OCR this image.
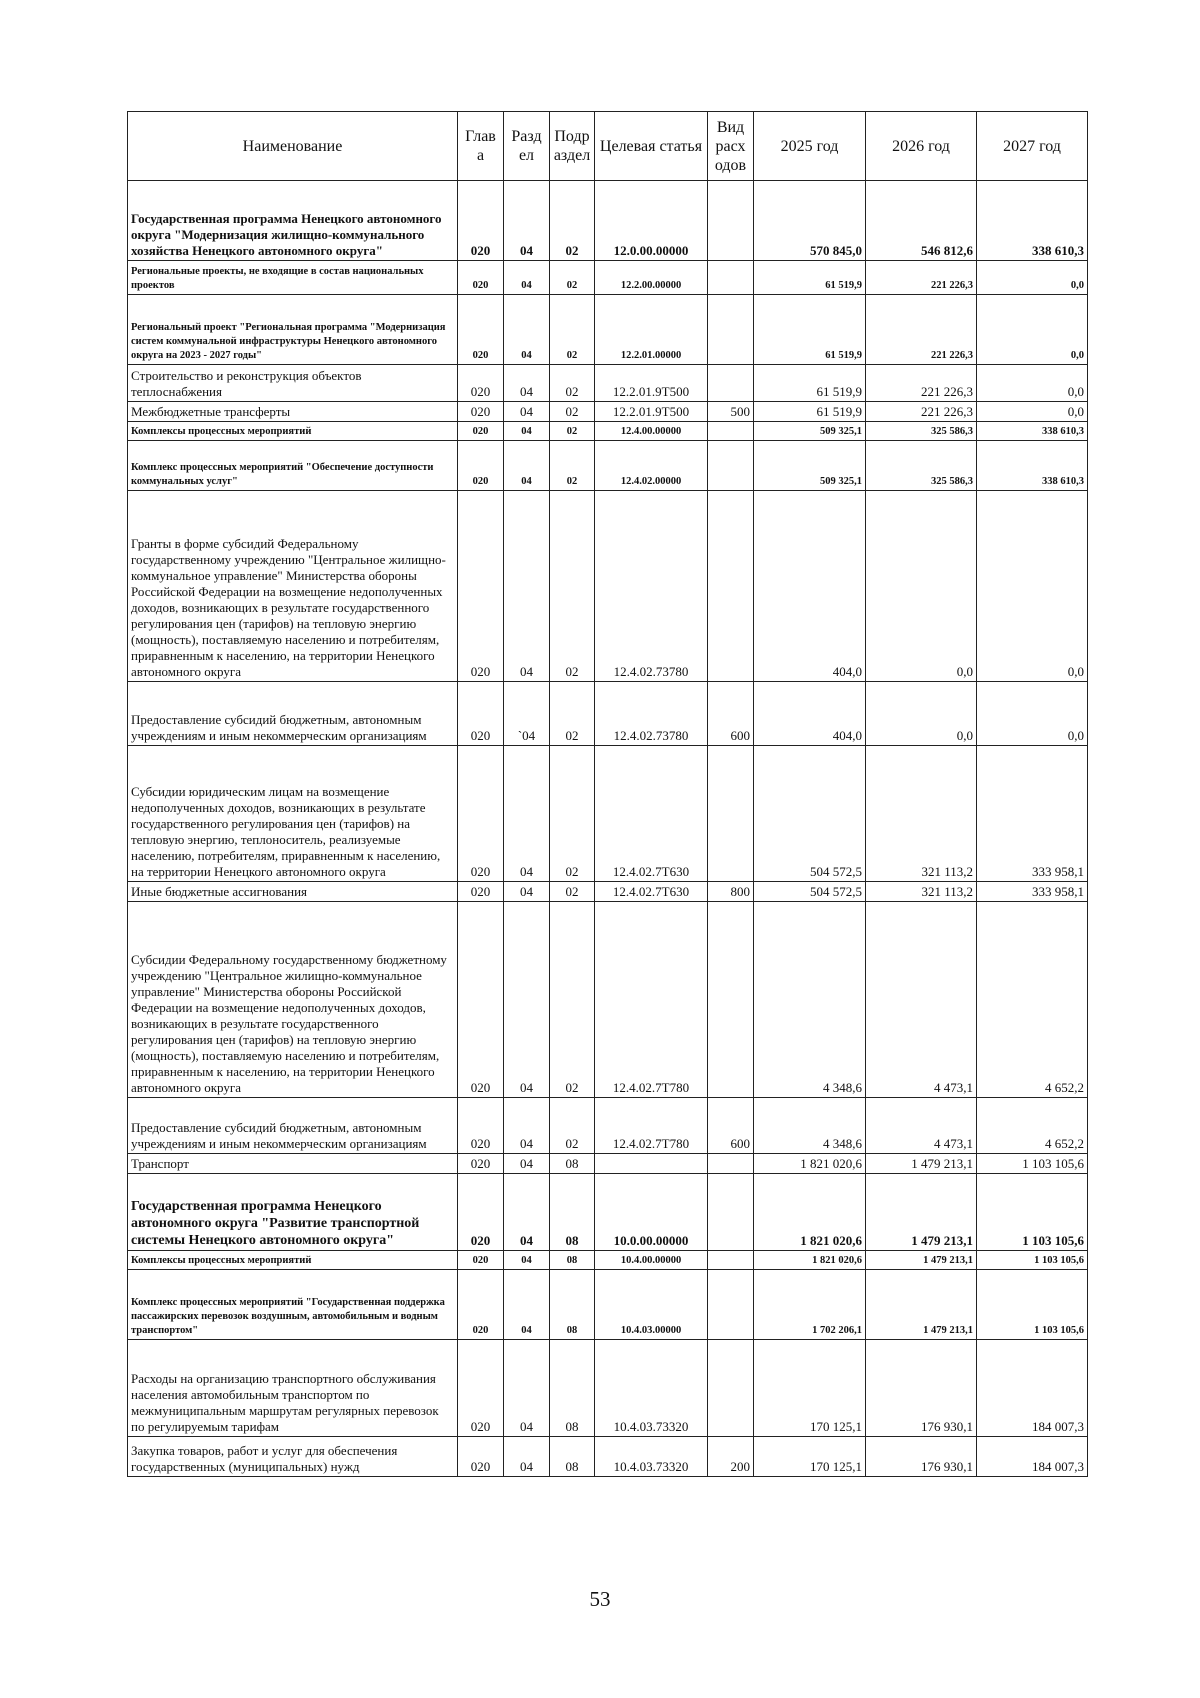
Наименование	Глав а	Разд ел	Подр аздел	Целевая статья	Вид расх одов	2025 год	2026 год	2027 год
Государственная программа Ненецкого автономного округа "Модернизация жилищно-коммунального хозяйства Ненецкого автономного округа"	020	04	02	12.0.00.00000		570 845,0	546 812,6	338 610,3
Региональные проекты, не входящие в состав национальных проектов	020	04	02	12.2.00.00000		61 519,9	221 226,3	0,0
Региональный проект "Региональная программа "Модернизация систем коммунальной инфраструктуры Ненецкого автономного округа на 2023 - 2027 годы"	020	04	02	12.2.01.00000		61 519,9	221 226,3	0,0
Строительство и реконструкция объектов теплоснабжения	020	04	02	12.2.01.9T500		61 519,9	221 226,3	0,0
Межбюджетные трансферты	020	04	02	12.2.01.9T500	500	61 519,9	221 226,3	0,0
Комплексы процессных мероприятий	020	04	02	12.4.00.00000		509 325,1	325 586,3	338 610,3
Комплекс процессных мероприятий "Обеспечение доступности коммунальных услуг"	020	04	02	12.4.02.00000		509 325,1	325 586,3	338 610,3
Гранты в форме субсидий Федеральному государственному учреждению "Центральное жилищно-коммунальное управление" Министерства обороны Российской Федерации на возмещение недополученных доходов, возникающих в результате государственного регулирования цен (тарифов) на тепловую энергию (мощность), поставляемую населению и потребителям, приравненным к населению, на территории Ненецкого автономного округа	020	04	02	12.4.02.73780		404,0	0,0	0,0
Предоставление субсидий бюджетным, автономным учреждениям и иным некоммерческим организациям	020	`04	02	12.4.02.73780	600	404,0	0,0	0,0
Субсидии юридическим лицам на возмещение недополученных доходов, возникающих в результате государственного регулирования цен (тарифов) на тепловую энергию, теплоноситель, реализуемые населению, потребителям, приравненным к населению, на территории Ненецкого автономного округа	020	04	02	12.4.02.7T630		504 572,5	321 113,2	333 958,1
Иные бюджетные ассигнования	020	04	02	12.4.02.7T630	800	504 572,5	321 113,2	333 958,1
Субсидии Федеральному государственному бюджетному учреждению "Центральное жилищно-коммунальное управление" Министерства обороны Российской Федерации на возмещение недополученных доходов, возникающих в результате государственного регулирования цен (тарифов) на тепловую энергию (мощность), поставляемую населению и потребителям, приравненным к населению, на территории Ненецкого автономного округа	020	04	02	12.4.02.7T780		4 348,6	4 473,1	4 652,2
Предоставление субсидий бюджетным, автономным учреждениям и иным некоммерческим организациям	020	04	02	12.4.02.7T780	600	4 348,6	4 473,1	4 652,2
Транспорт	020	04	08			1 821 020,6	1 479 213,1	1 103 105,6
Государственная программа Ненецкого автономного округа "Развитие транспортной системы Ненецкого автономного округа"	020	04	08	10.0.00.00000		1 821 020,6	1 479 213,1	1 103 105,6
Комплексы процессных мероприятий	020	04	08	10.4.00.00000		1 821 020,6	1 479 213,1	1 103 105,6
Комплекс процессных мероприятий "Государственная поддержка пассажирских перевозок воздушным, автомобильным и водным транспортом"	020	04	08	10.4.03.00000		1 702 206,1	1 479 213,1	1 103 105,6
Расходы на организацию транспортного обслуживания населения автомобильным транспортом по межмуниципальным маршрутам регулярных перевозок по регулируемым тарифам	020	04	08	10.4.03.73320		170 125,1	176 930,1	184 007,3
Закупка товаров, работ и услуг для обеспечения государственных (муниципальных) нужд	020	04	08	10.4.03.73320	200	170 125,1	176 930,1	184 007,3
53
